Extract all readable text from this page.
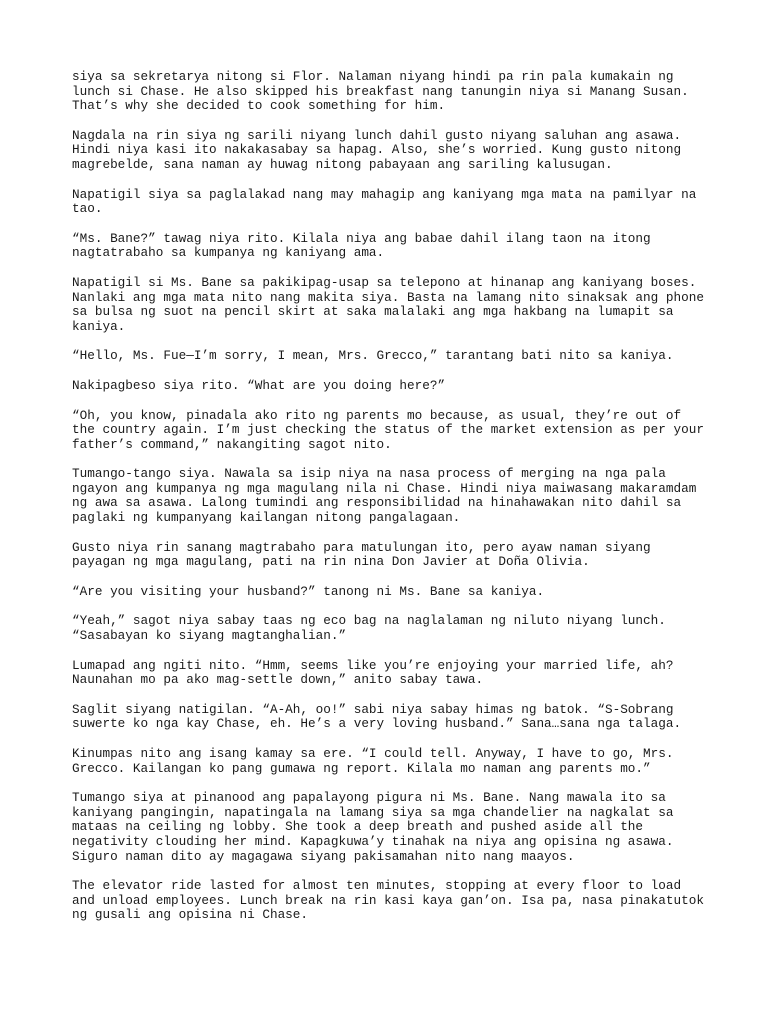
siya sa sekretarya nitong si Flor. Nalaman niyang hindi pa rin pala kumakain ng
lunch si Chase. He also skipped his breakfast nang tanungin niya si Manang Susan.
That’s why she decided to cook something for him.
Nagdala na rin siya ng sarili niyang lunch dahil gusto niyang saluhan ang asawa.
Hindi niya kasi ito nakakasabay sa hapag. Also, she’s worried. Kung gusto nitong
magrebelde, sana naman ay huwag nitong pabayaan ang sariling kalusugan.
Napatigil siya sa paglalakad nang may mahagip ang kaniyang mga mata na pamilyar na
tao.
“Ms. Bane?” tawag niya rito. Kilala niya ang babae dahil ilang taon na itong
nagtatrabaho sa kumpanya ng kaniyang ama.
Napatigil si Ms. Bane sa pakikipag-usap sa telepono at hinanap ang kaniyang boses.
Nanlaki ang mga mata nito nang makita siya. Basta na lamang nito sinaksak ang phone
sa bulsa ng suot na pencil skirt at saka malalaki ang mga hakbang na lumapit sa
kaniya.
“Hello, Ms. Fue—I’m sorry, I mean, Mrs. Grecco,” tarantang bati nito sa kaniya.
Nakipagbeso siya rito. “What are you doing here?”
“Oh, you know, pinadala ako rito ng parents mo because, as usual, they’re out of
the country again. I’m just checking the status of the market extension as per your
father’s command,” nakangiting sagot nito.
Tumango-tango siya. Nawala sa isip niya na nasa process of merging na nga pala
ngayon ang kumpanya ng mga magulang nila ni Chase. Hindi niya maiwasang makaramdam
ng awa sa asawa. Lalong tumindi ang responsibilidad na hinahawakan nito dahil sa
paglaki ng kumpanyang kailangan nitong pangalagaan.
Gusto niya rin sanang magtrabaho para matulungan ito, pero ayaw naman siyang
payagan ng mga magulang, pati na rin nina Don Javier at Doña Olivia.
“Are you visiting your husband?” tanong ni Ms. Bane sa kaniya.
“Yeah,” sagot niya sabay taas ng eco bag na naglalaman ng niluto niyang lunch.
“Sasabayan ko siyang magtanghalian.”
Lumapad ang ngiti nito. “Hmm, seems like you’re enjoying your married life, ah?
Naunahan mo pa ako mag-settle down,” anito sabay tawa.
Saglit siyang natigilan. “A-Ah, oo!” sabi niya sabay himas ng batok. “S-Sobrang
suwerte ko nga kay Chase, eh. He’s a very loving husband.” Sana…sana nga talaga.
Kinumpas nito ang isang kamay sa ere. “I could tell. Anyway, I have to go, Mrs.
Grecco. Kailangan ko pang gumawa ng report. Kilala mo naman ang parents mo.”
Tumango siya at pinanood ang papalayong pigura ni Ms. Bane. Nang mawala ito sa
kaniyang pangingin, napatingala na lamang siya sa mga chandelier na nagkalat sa
mataas na ceiling ng lobby. She took a deep breath and pushed aside all the
negativity clouding her mind. Kapagkuwa’y tinahak na niya ang opisina ng asawa.
Siguro naman dito ay magagawa siyang pakisamahan nito nang maayos.
The elevator ride lasted for almost ten minutes, stopping at every floor to load
and unload employees. Lunch break na rin kasi kaya gan’on. Isa pa, nasa pinakatutok
ng gusali ang opisina ni Chase.
